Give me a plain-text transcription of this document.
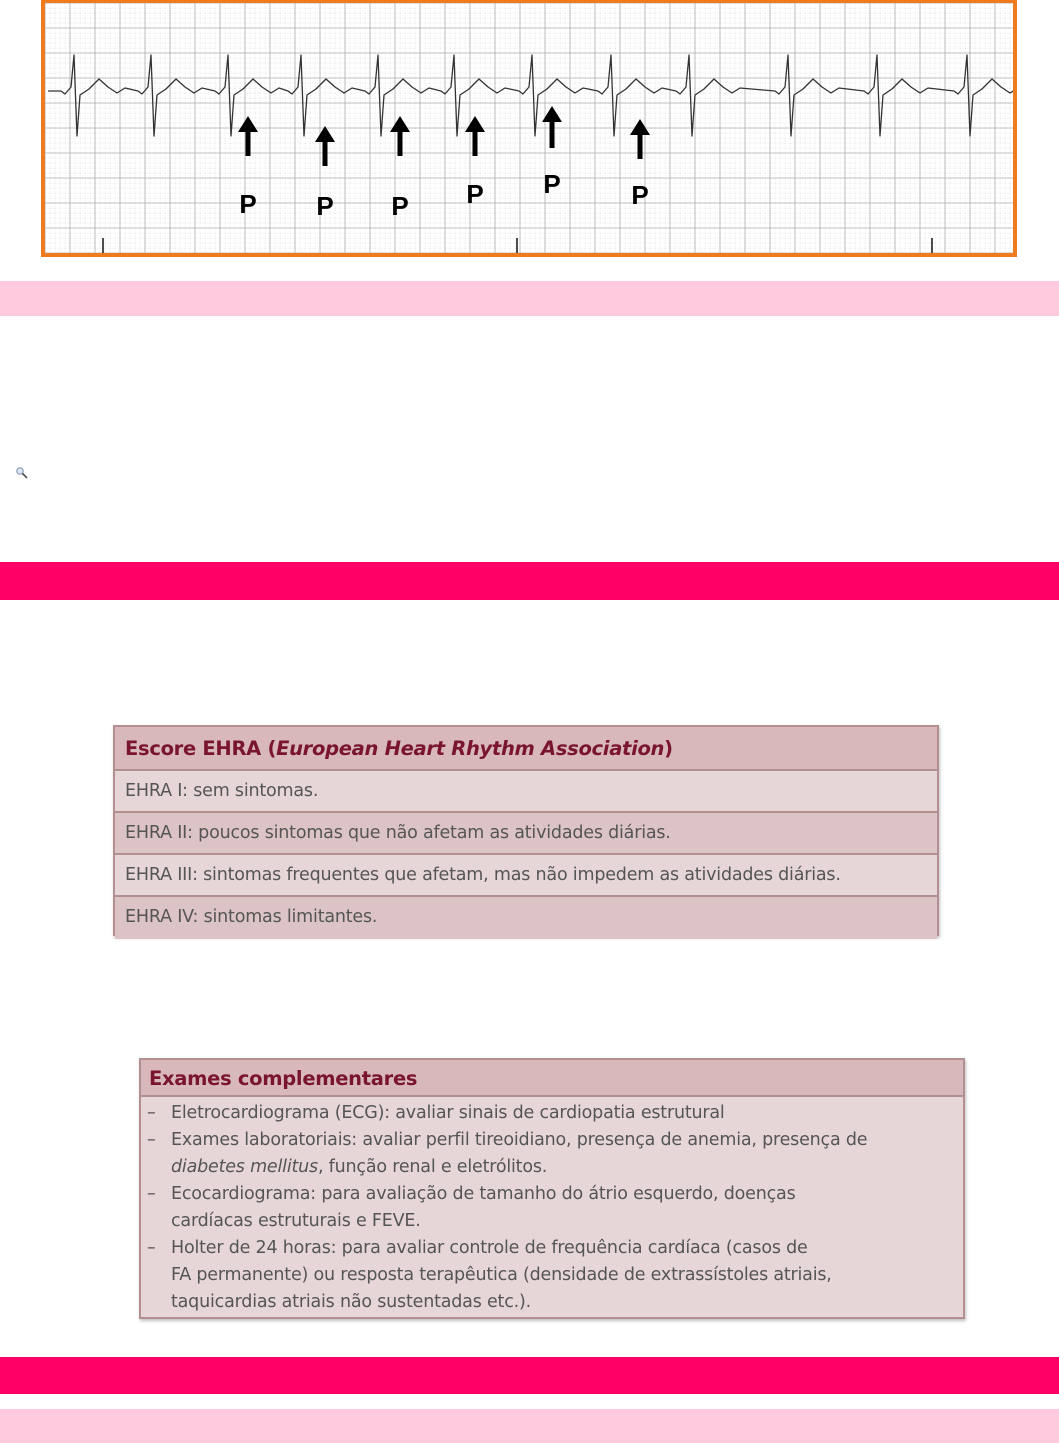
P P P P P	P
Escore EHRA (European Heart Rhythm Association)
EHRA I: sem sintomas.
EHRA II: poucos sintomas que não afetam as atividades diárias.
EHRA III: sintomas frequentes que afetam, mas não impedem as atividades diárias.
EHRA IV: sintomas limitantes.
Exames complementares
– Eletrocardiograma (ECG): avaliar sinais de cardiopatia estrutural
– Exames laboratoriais: avaliar perfil tireoidiano, presença de anemia, presença de
diabetes mellitus, função renal e eletrólitos.
– Ecocardiograma: para avaliação de tamanho do átrio esquerdo, doenças
cardíacas estruturais e FEVE.
– Holter de 24 horas: para avaliar controle de frequência cardíaca (casos de
FA permanente) ou resposta terapêutica (densidade de extrassístoles atriais,
taquicardias atriais não sustentadas etc.).
